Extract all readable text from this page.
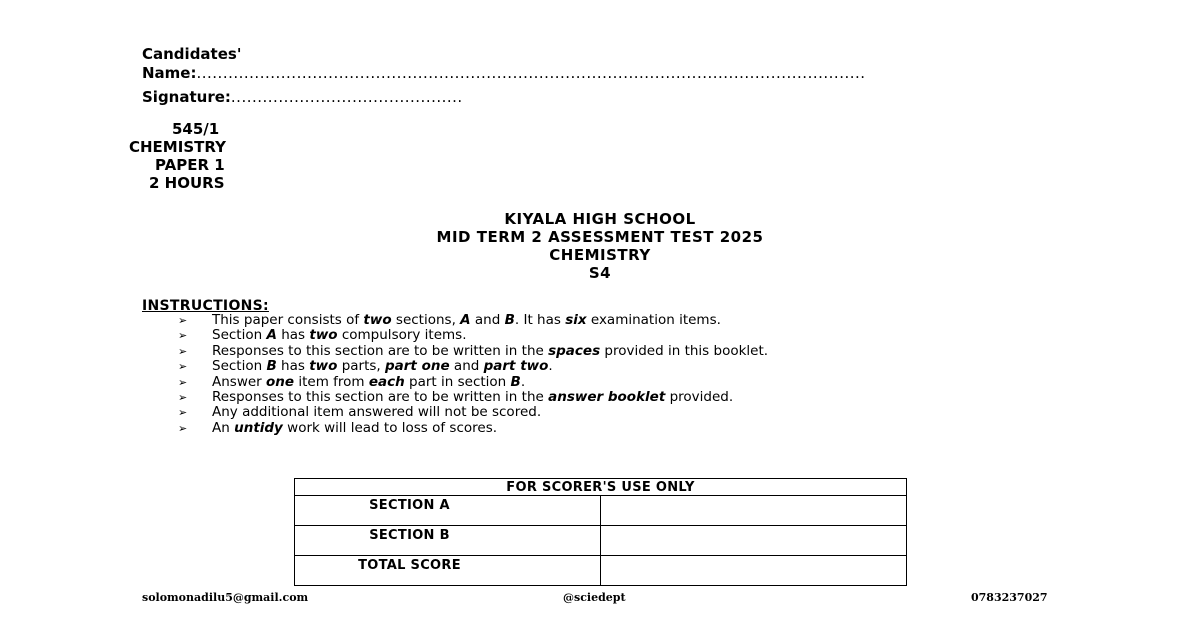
Candidates'
Name:...............................................................................................................................
Signature:............................................
545/1
CHEMISTRY
PAPER 1
2 HOURS
KIYALA HIGH SCHOOL
MID TERM 2 ASSESSMENT TEST 2025
CHEMISTRY
S4
INSTRUCTIONS:
➢ This paper consists of two sections, A and B. It has six examination items.
➢ Section A has two compulsory items.
➢ Responses to this section are to be written in the spaces provided in this booklet.
➢ Section B has two parts, part one and part two.
➢ Answer one item from each part in section B.
➢ Responses to this section are to be written in the answer booklet provided.
➢ Any additional item answered will not be scored.
➢ An untidy work will lead to loss of scores.
FOR SCORER'S USE ONLY	
SECTION A	
SECTION B	
TOTAL SCORE	
solomonadilu5@gmail.com	@sciedept	0783237027
